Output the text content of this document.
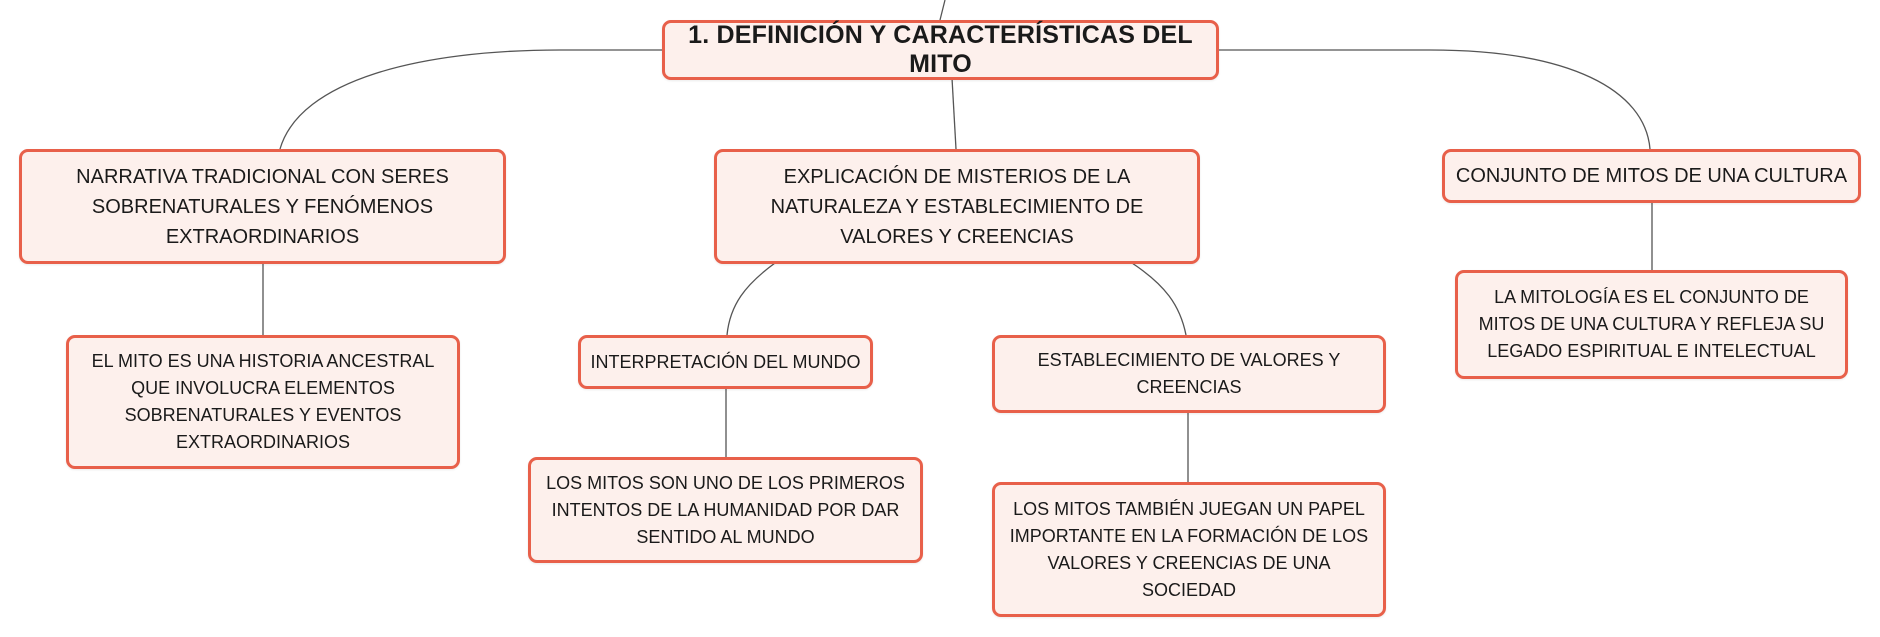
1. DEFINICIÓN Y CARACTERÍSTICAS DEL MITO
NARRATIVA TRADICIONAL CON SERES SOBRENATURALES Y FENÓMENOS EXTRAORDINARIOS
EXPLICACIÓN DE MISTERIOS DE LA NATURALEZA Y ESTABLECIMIENTO DE VALORES Y CREENCIAS
CONJUNTO DE MITOS DE UNA CULTURA
EL MITO ES UNA HISTORIA ANCESTRAL QUE INVOLUCRA ELEMENTOS SOBRENATURALES Y EVENTOS EXTRAORDINARIOS
INTERPRETACIÓN DEL MUNDO
LOS MITOS SON UNO DE LOS PRIMEROS INTENTOS DE LA HUMANIDAD POR DAR SENTIDO AL MUNDO
ESTABLECIMIENTO DE VALORES Y CREENCIAS
LOS MITOS TAMBIÉN JUEGAN UN PAPEL IMPORTANTE EN LA FORMACIÓN DE LOS VALORES Y CREENCIAS DE UNA SOCIEDAD
LA MITOLOGÍA ES EL CONJUNTO DE MITOS DE UNA CULTURA Y REFLEJA SU LEGADO ESPIRITUAL E INTELECTUAL
